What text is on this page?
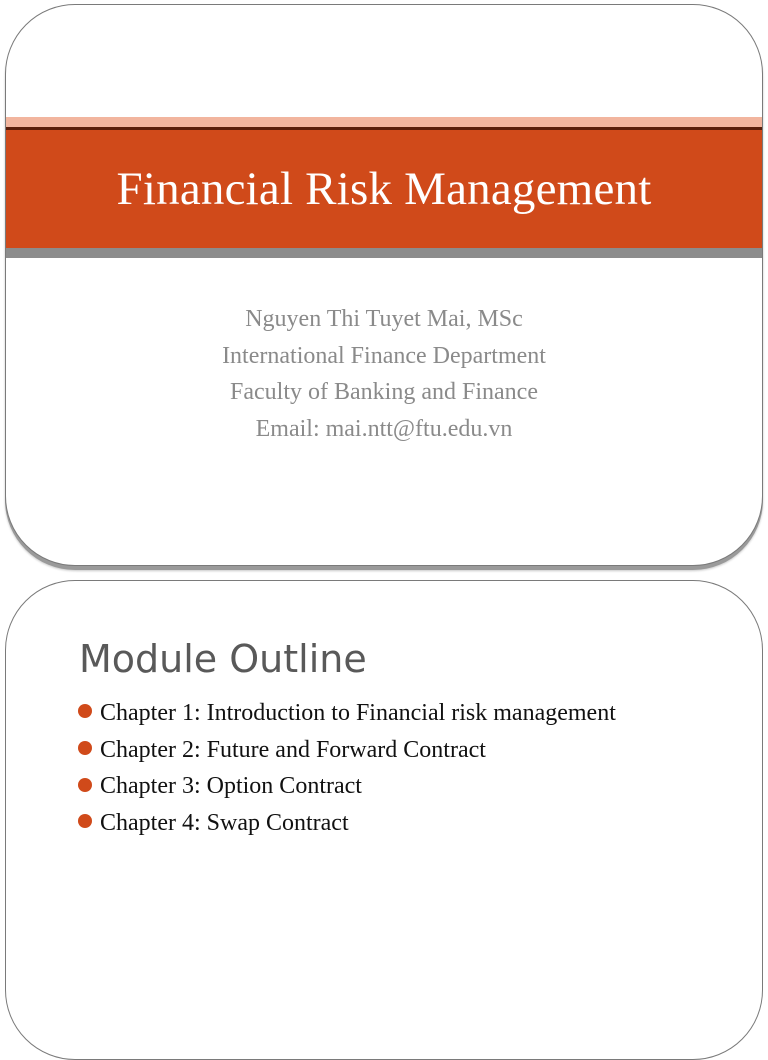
Financial Risk Management
Nguyen Thi Tuyet Mai, MSc
International Finance Department
Faculty of Banking and Finance
Email: mai.ntt@ftu.edu.vn
Module Outline
Chapter 1: Introduction to Financial risk management
Chapter 2: Future and Forward Contract
Chapter 3: Option Contract
Chapter 4: Swap Contract
